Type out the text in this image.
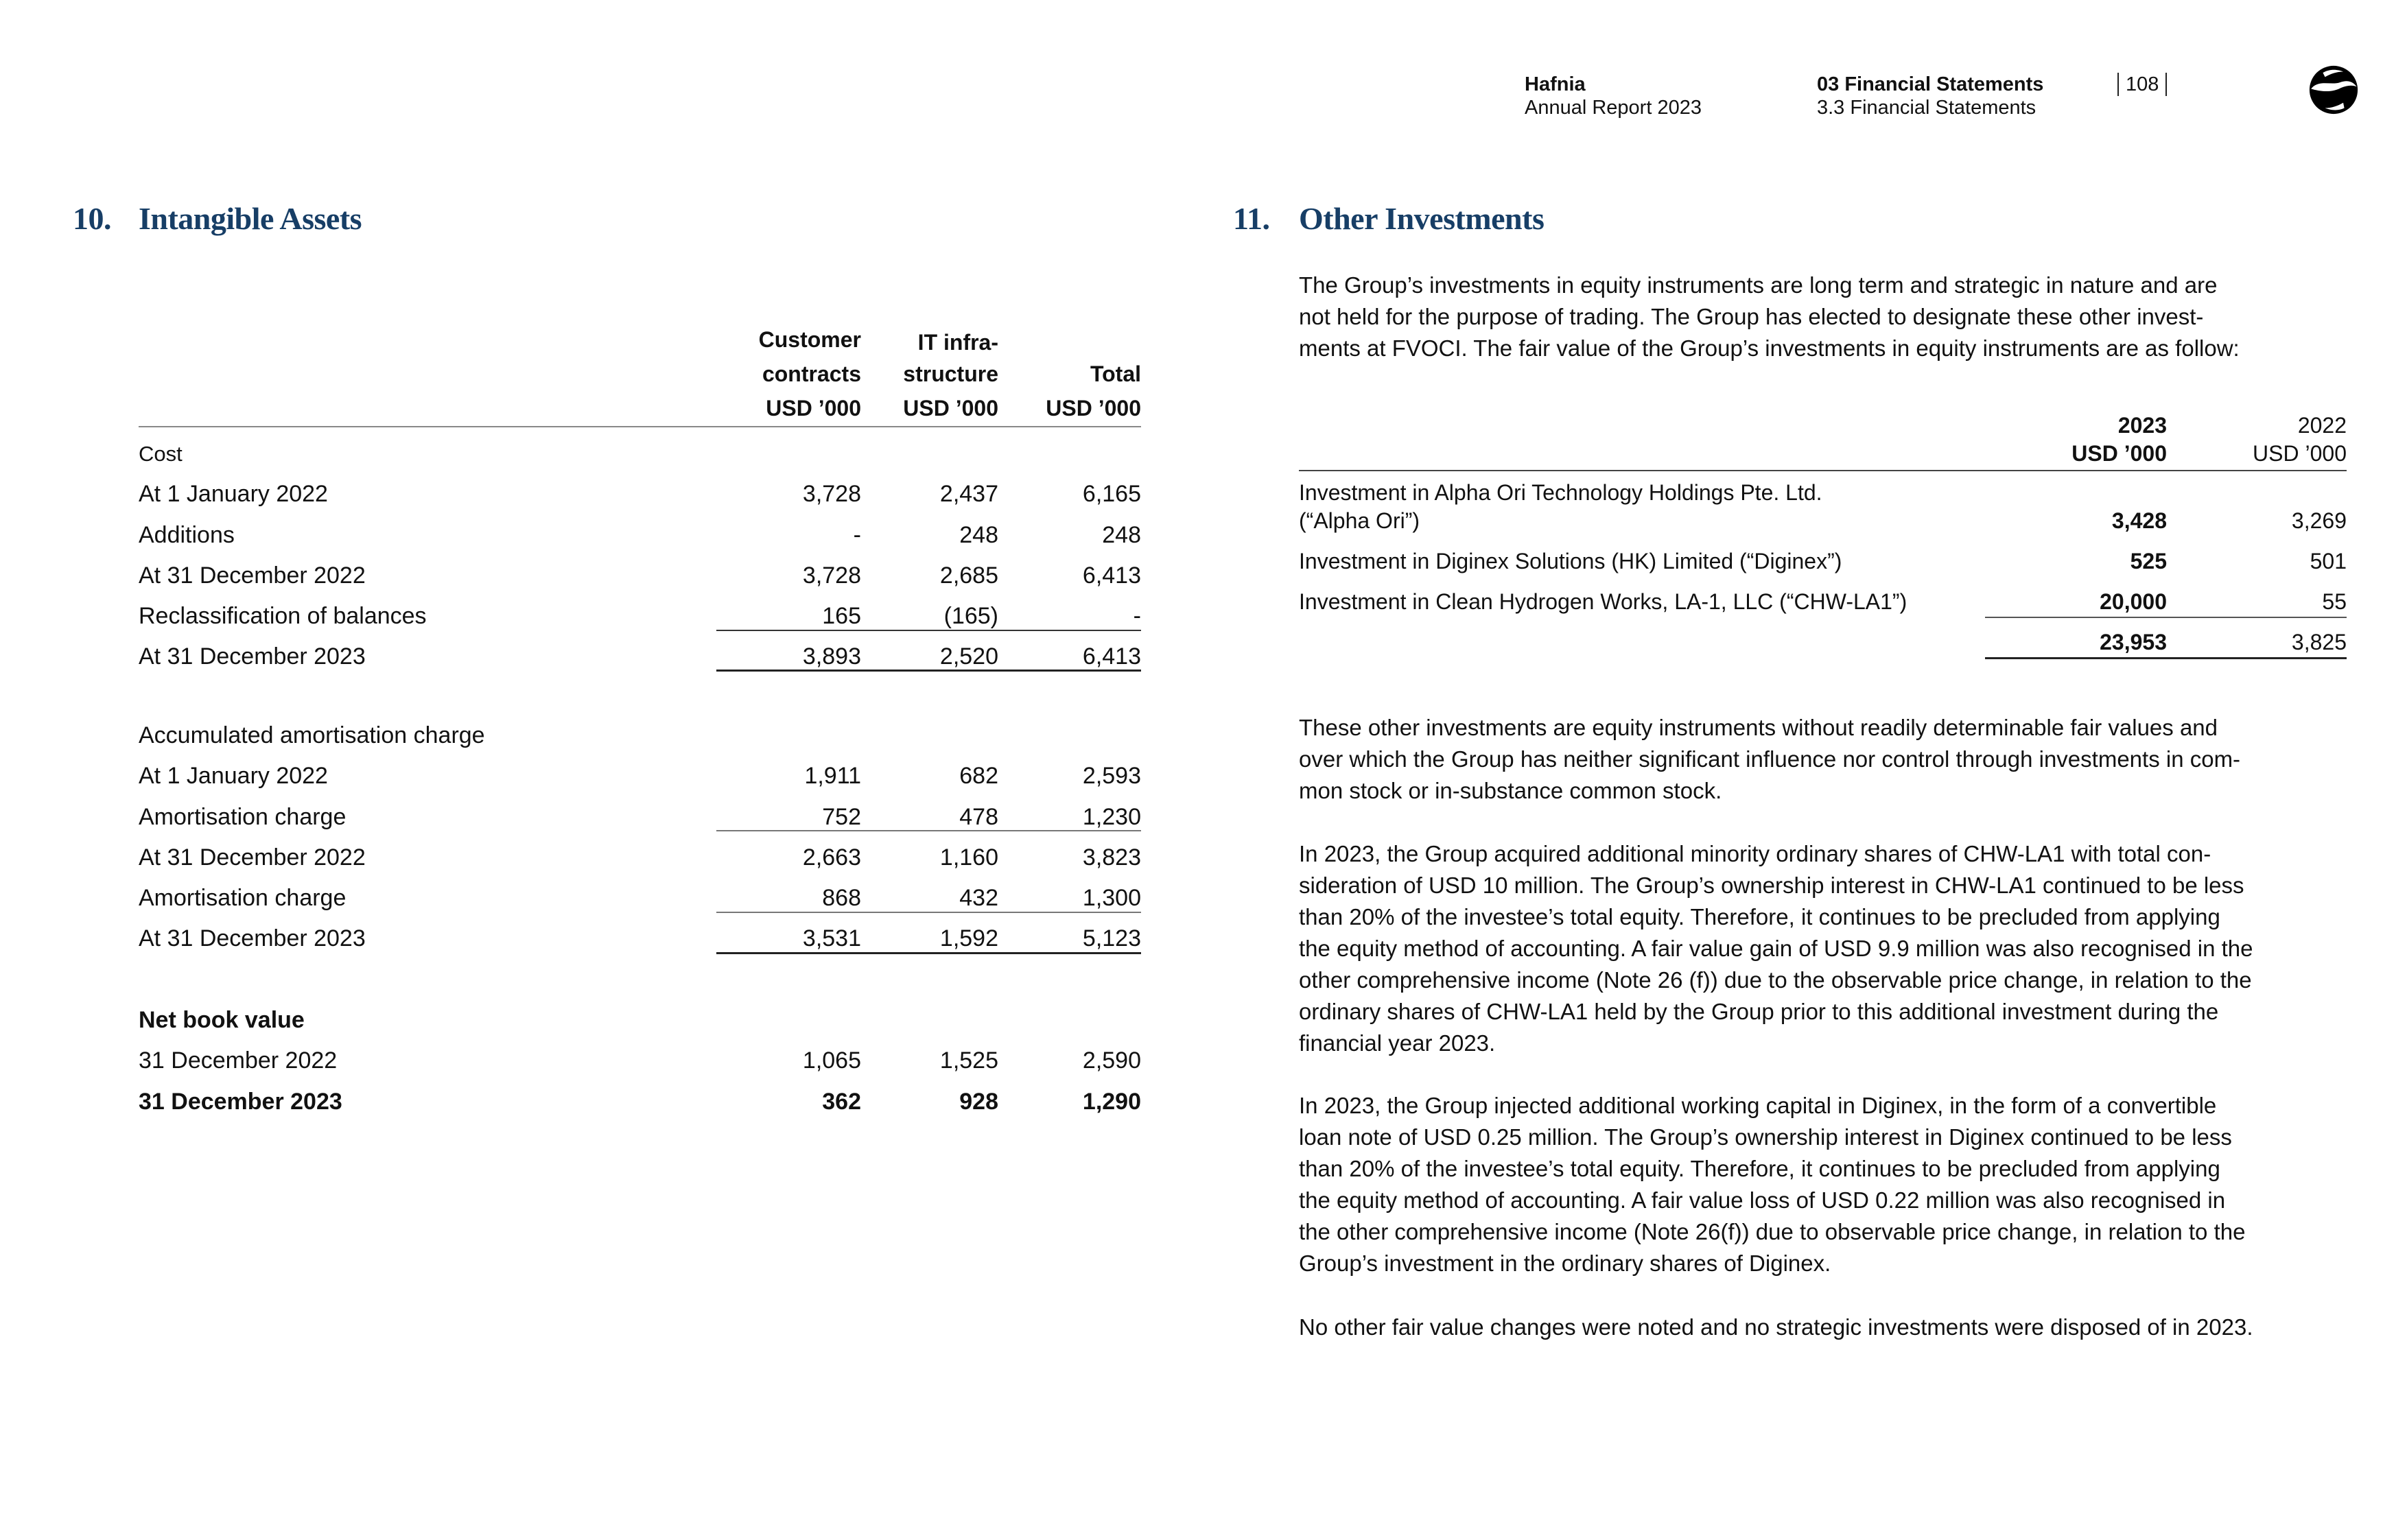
Hafnia
Annual Report 2023
03 Financial Statements
3.3 Financial Statements
108
10. Intangible Assets
Customer	IT infra-
contracts	structure	Total
USD ’000	USD ’000	USD ’000
Cost
At 1 January 2022	3,728	2,437	6,165
Additions	-	248	248
At 31 December 2022	3,728	2,685	6,413
Reclassification of balances	165	(165)	-
At 31 December 2023	3,893	2,520	6,413
Accumulated amortisation charge
At 1 January 2022	1,911	682	2,593
Amortisation charge	752	478	1,230
At 31 December 2022	2,663	1,160	3,823
Amortisation charge	868	432	1,300
At 31 December 2023	3,531	1,592	5,123
Net book value
31 December 2022	1,065	1,525	2,590
31 December 2023	362	928	1,290
11. Other Investments
The Group’s investments in equity instruments are long term and strategic in nature and are
not held for the purpose of trading. The Group has elected to designate these other invest-
ments at FVOCI. The fair value of the Group’s investments in equity instruments are as follow:
2023	2022
USD ’000	USD ’000
Investment in Alpha Ori Technology Holdings Pte. Ltd.
(“Alpha Ori”)	3,428	3,269
Investment in Diginex Solutions (HK) Limited (“Diginex”)	525	501
Investment in Clean Hydrogen Works, LA-1, LLC (“CHW-LA1”)	20,000	55
23,953	3,825
These other investments are equity instruments without readily determinable fair values and
over which the Group has neither significant influence nor control through investments in com-
mon stock or in-substance common stock.
In 2023, the Group acquired additional minority ordinary shares of CHW-LA1 with total con-
sideration of USD 10 million. The Group’s ownership interest in CHW-LA1 continued to be less
than 20% of the investee’s total equity. Therefore, it continues to be precluded from applying
the equity method of accounting. A fair value gain of USD 9.9 million was also recognised in the
other comprehensive income (Note 26 (f)) due to the observable price change, in relation to the
ordinary shares of CHW-LA1 held by the Group prior to this additional investment during the
financial year 2023.
In 2023, the Group injected additional working capital in Diginex, in the form of a convertible
loan note of USD 0.25 million. The Group’s ownership interest in Diginex continued to be less
than 20% of the investee’s total equity. Therefore, it continues to be precluded from applying
the equity method of accounting. A fair value loss of USD 0.22 million was also recognised in
the other comprehensive income (Note 26(f)) due to observable price change, in relation to the
Group’s investment in the ordinary shares of Diginex.
No other fair value changes were noted and no strategic investments were disposed of in 2023.
